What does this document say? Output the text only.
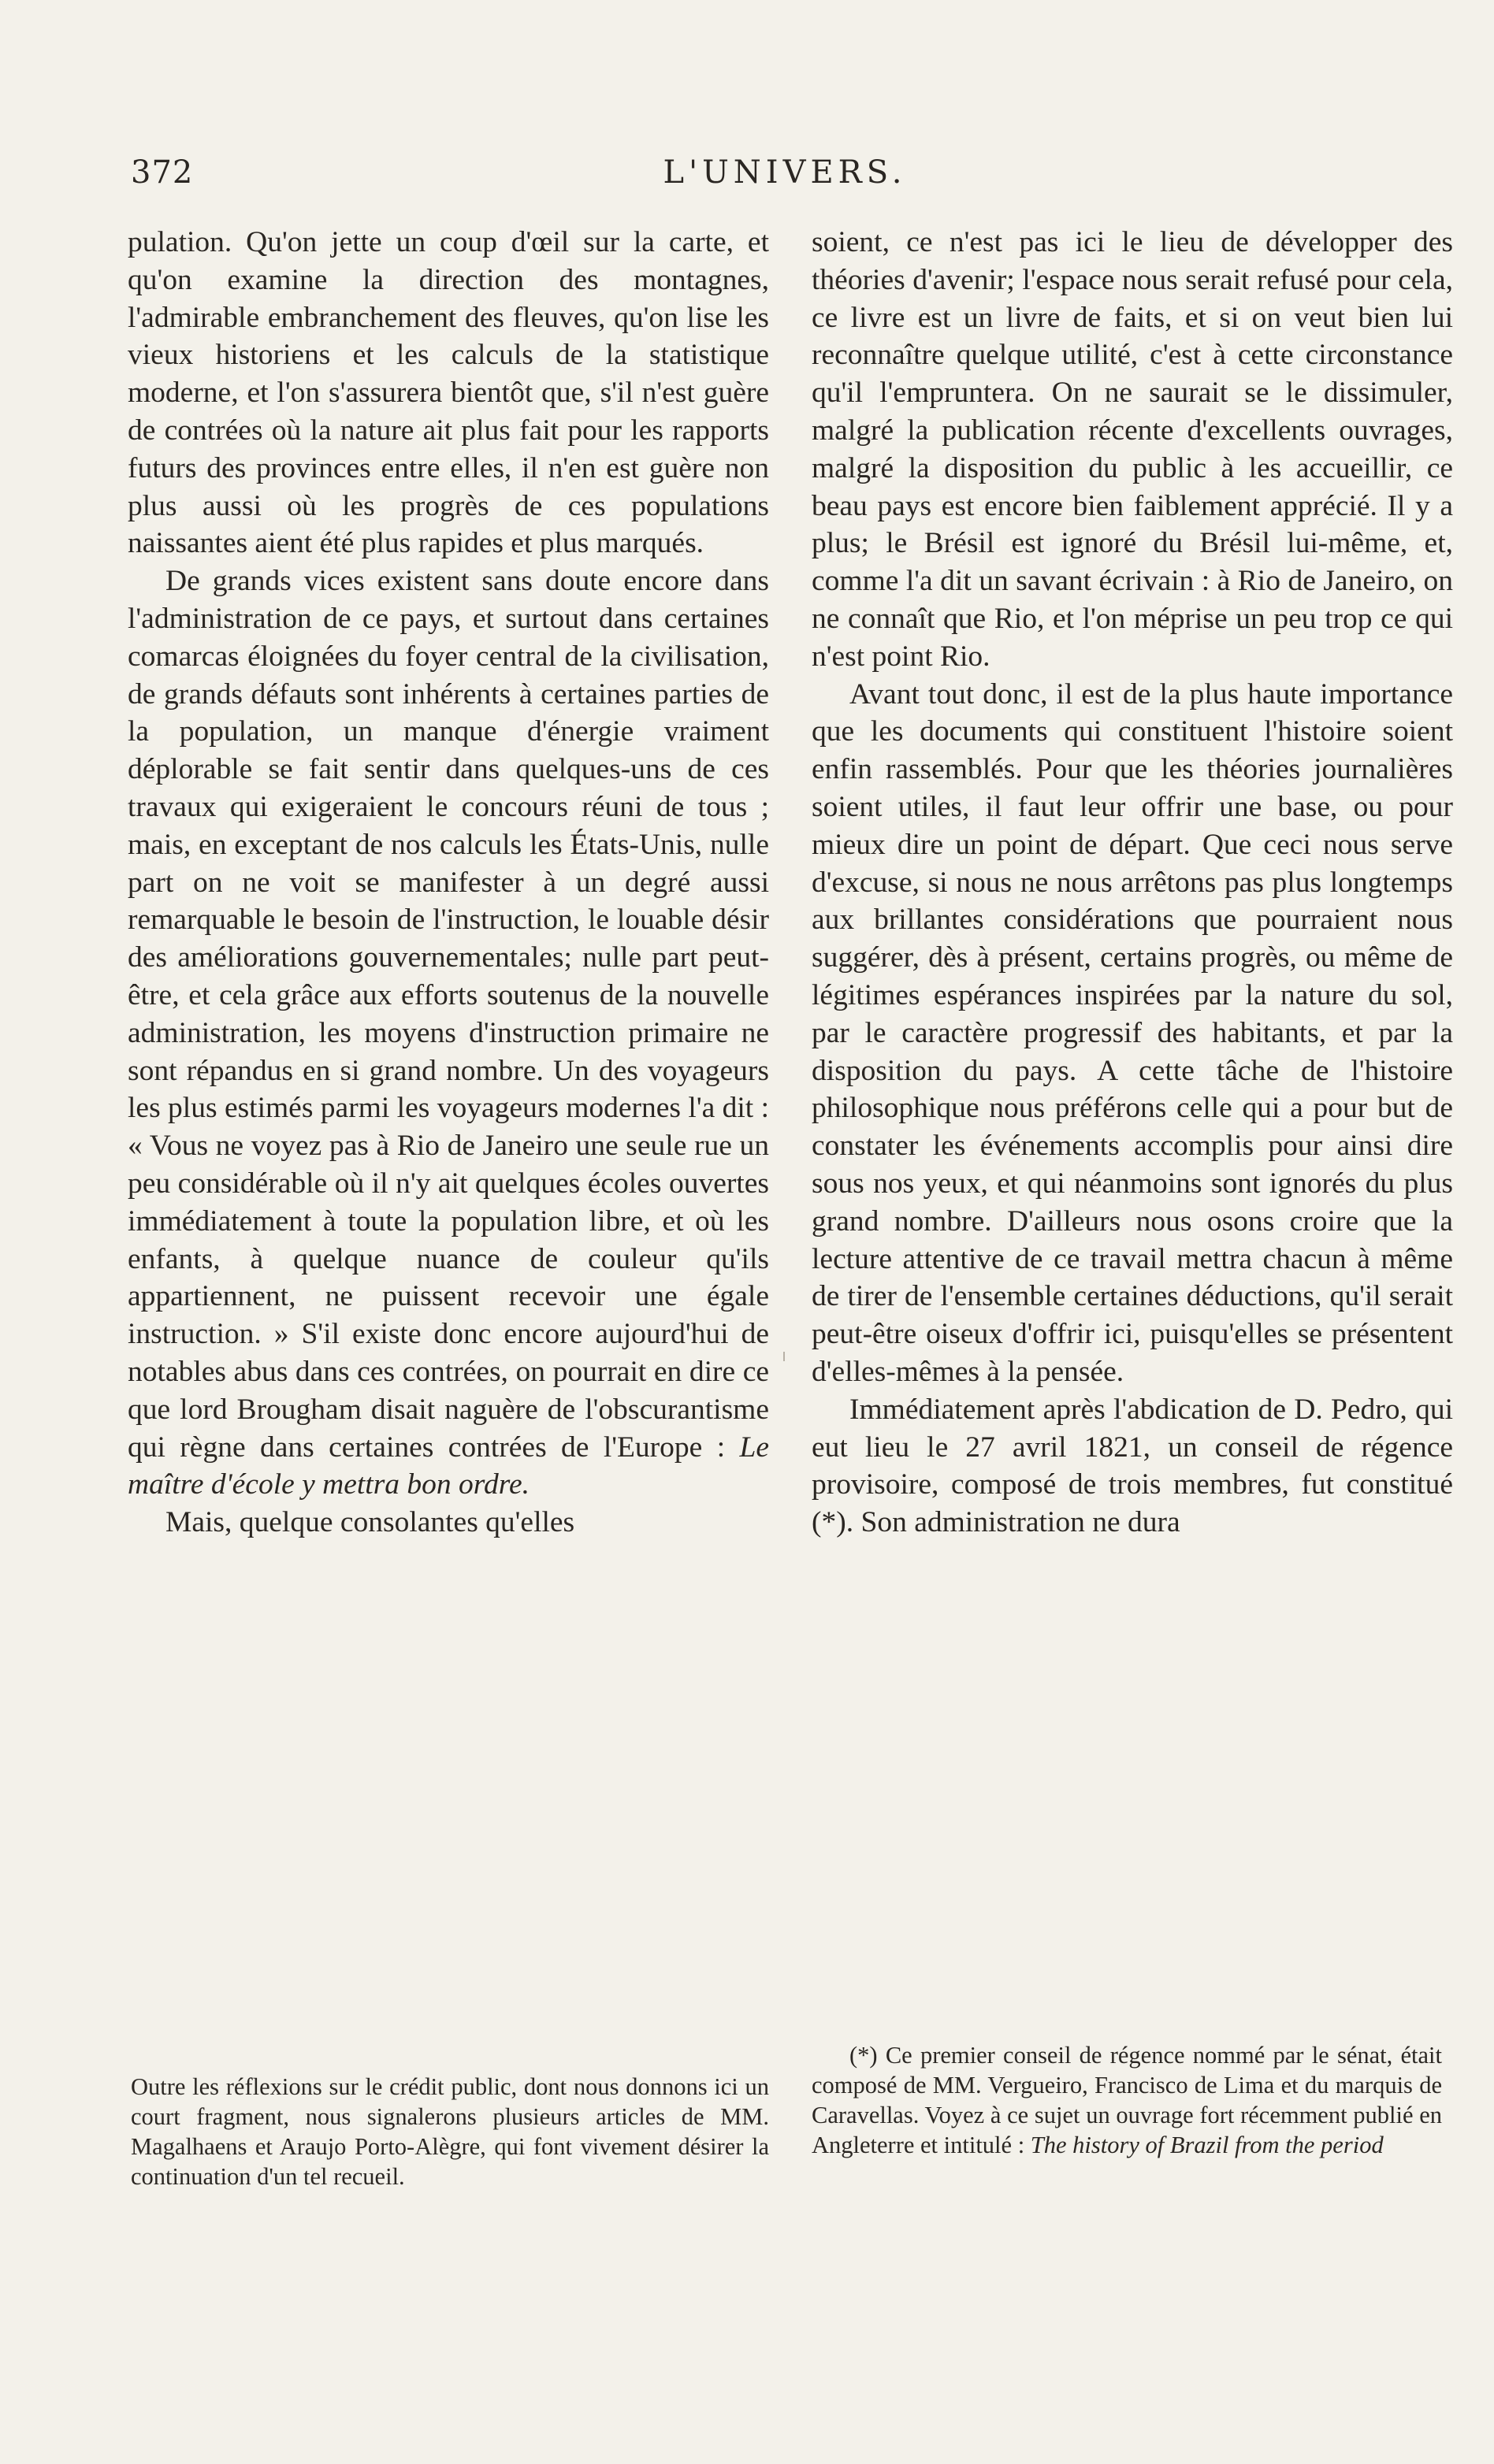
372	L'UNIVERS.

pulation. Qu'on jette un coup d'œil sur la carte, et qu'on examine la direction des montagnes, l'admirable embranchement des fleuves, qu'on lise les vieux historiens et les calculs de la statistique moderne, et l'on s'assurera bientôt que, s'il n'est guère de contrées où la nature ait plus fait pour les rapports futurs des provinces entre elles, il n'en est guère non plus aussi où les progrès de ces populations naissantes aient été plus rapides et plus marqués.

De grands vices existent sans doute encore dans l'administration de ce pays, et surtout dans certaines comarcas éloignées du foyer central de la civilisation, de grands défauts sont inhérents à certaines parties de la population, un manque d'énergie vraiment déplorable se fait sentir dans quelques-uns de ces travaux qui exigeraient le concours réuni de tous ; mais, en exceptant de nos calculs les États-Unis, nulle part on ne voit se manifester à un degré aussi remarquable le besoin de l'instruction, le louable désir des améliorations gouvernementales; nulle part peut-être, et cela grâce aux efforts soutenus de la nouvelle administration, les moyens d'instruction primaire ne sont répandus en si grand nombre. Un des voyageurs les plus estimés parmi les voyageurs modernes l'a dit : « Vous ne voyez pas à Rio de Janeiro une seule rue un peu considérable où il n'y ait quelques écoles ouvertes immédiatement à toute la population libre, et où les enfants, à quelque nuance de couleur qu'ils appartiennent, ne puissent recevoir une égale instruction. » S'il existe donc encore aujourd'hui de notables abus dans ces contrées, on pourrait en dire ce que lord Brougham disait naguère de l'obscurantisme qui règne dans certaines contrées de l'Europe : Le maître d'école y mettra bon ordre.

Mais, quelque consolantes qu'elles

Outre les réflexions sur le crédit public, dont nous donnons ici un court fragment, nous signalerons plusieurs articles de MM. Magalhaens et Araujo Porto-Alègre, qui font vivement désirer la continuation d'un tel recueil.

soient, ce n'est pas ici le lieu de développer des théories d'avenir; l'espace nous serait refusé pour cela, ce livre est un livre de faits, et si on veut bien lui reconnaître quelque utilité, c'est à cette circonstance qu'il l'empruntera. On ne saurait se le dissimuler, malgré la publication récente d'excellents ouvrages, malgré la disposition du public à les accueillir, ce beau pays est encore bien faiblement apprécié. Il y a plus; le Brésil est ignoré du Brésil lui-même, et, comme l'a dit un savant écrivain : à Rio de Janeiro, on ne connaît que Rio, et l'on méprise un peu trop ce qui n'est point Rio.

Avant tout donc, il est de la plus haute importance que les documents qui constituent l'histoire soient enfin rassemblés. Pour que les théories journalières soient utiles, il faut leur offrir une base, ou pour mieux dire un point de départ. Que ceci nous serve d'excuse, si nous ne nous arrêtons pas plus longtemps aux brillantes considérations que pourraient nous suggérer, dès à présent, certains progrès, ou même de légitimes espérances inspirées par la nature du sol, par le caractère progressif des habitants, et par la disposition du pays. A cette tâche de l'histoire philosophique nous préférons celle qui a pour but de constater les événements accomplis pour ainsi dire sous nos yeux, et qui néanmoins sont ignorés du plus grand nombre. D'ailleurs nous osons croire que la lecture attentive de ce travail mettra chacun à même de tirer de l'ensemble certaines déductions, qu'il serait peut-être oiseux d'offrir ici, puisqu'elles se présentent d'elles-mêmes à la pensée.

Immédiatement après l'abdication de D. Pedro, qui eut lieu le 27 avril 1821, un conseil de régence provisoire, composé de trois membres, fut constitué (*). Son administration ne dura

(*) Ce premier conseil de régence nommé par le sénat, était composé de MM. Vergueiro, Francisco de Lima et du marquis de Caravellas. Voyez à ce sujet un ouvrage fort récemment publié en Angleterre et intitulé : The history of Brazil from the period
